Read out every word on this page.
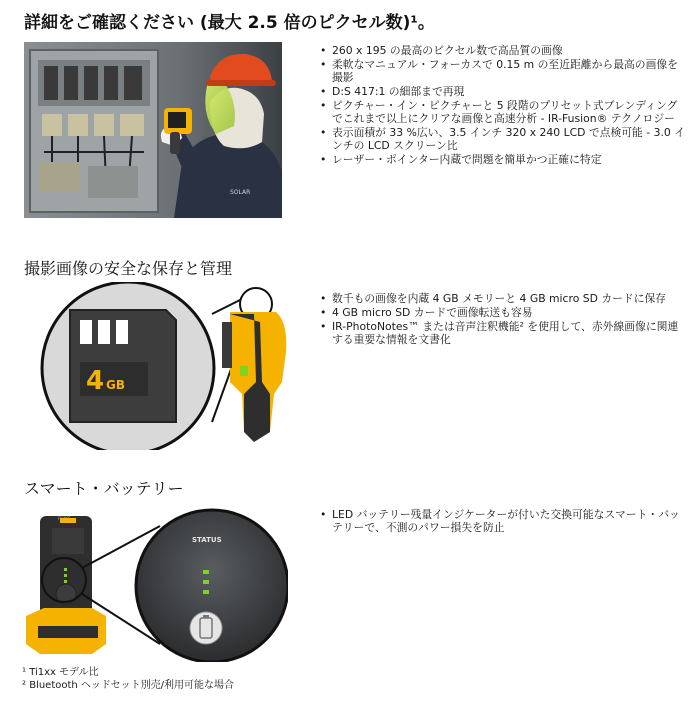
詳細をご確認ください (最大 2.5 倍のピクセル数)¹。
SOLAR
• 260 x 195 の最高のピクセル数で高品質の画像
• 柔軟なマニュアル・フォーカスで 0.15 m の至近距離から最高の画像を撮影
• D:S 417:1 の細部まで再現
• ピクチャー・イン・ピクチャーと 5 段階のプリセット式ブレンディングでこれまで以上にクリアな画像と高速分析 - IR-Fusion® テクノロジー
• 表示面積が 33 %広い、3.5 インチ 320 x 240 LCD で点検可能 - 3.0 インチの LCD スクリーン比
• レーザー・ポインター内蔵で問題を簡単かつ正確に特定
撮影画像の安全な保存と管理
4 GB
• 数千もの画像を内蔵 4 GB メモリーと 4 GB micro SD カードに保存
• 4 GB micro SD カードで画像転送も容易
• IR-PhotoNotes™ または音声注釈機能² を使用して、赤外線画像に関連する重要な情報を文書化
スマート・バッテリー
FLUKE
STATUS
• LED バッテリー残量インジケーターが付いた交換可能なスマート・バッテリーで、不測のパワー損失を防止
¹ Ti1xx モデル比
² Bluetooth ヘッドセット別売/利用可能な場合
